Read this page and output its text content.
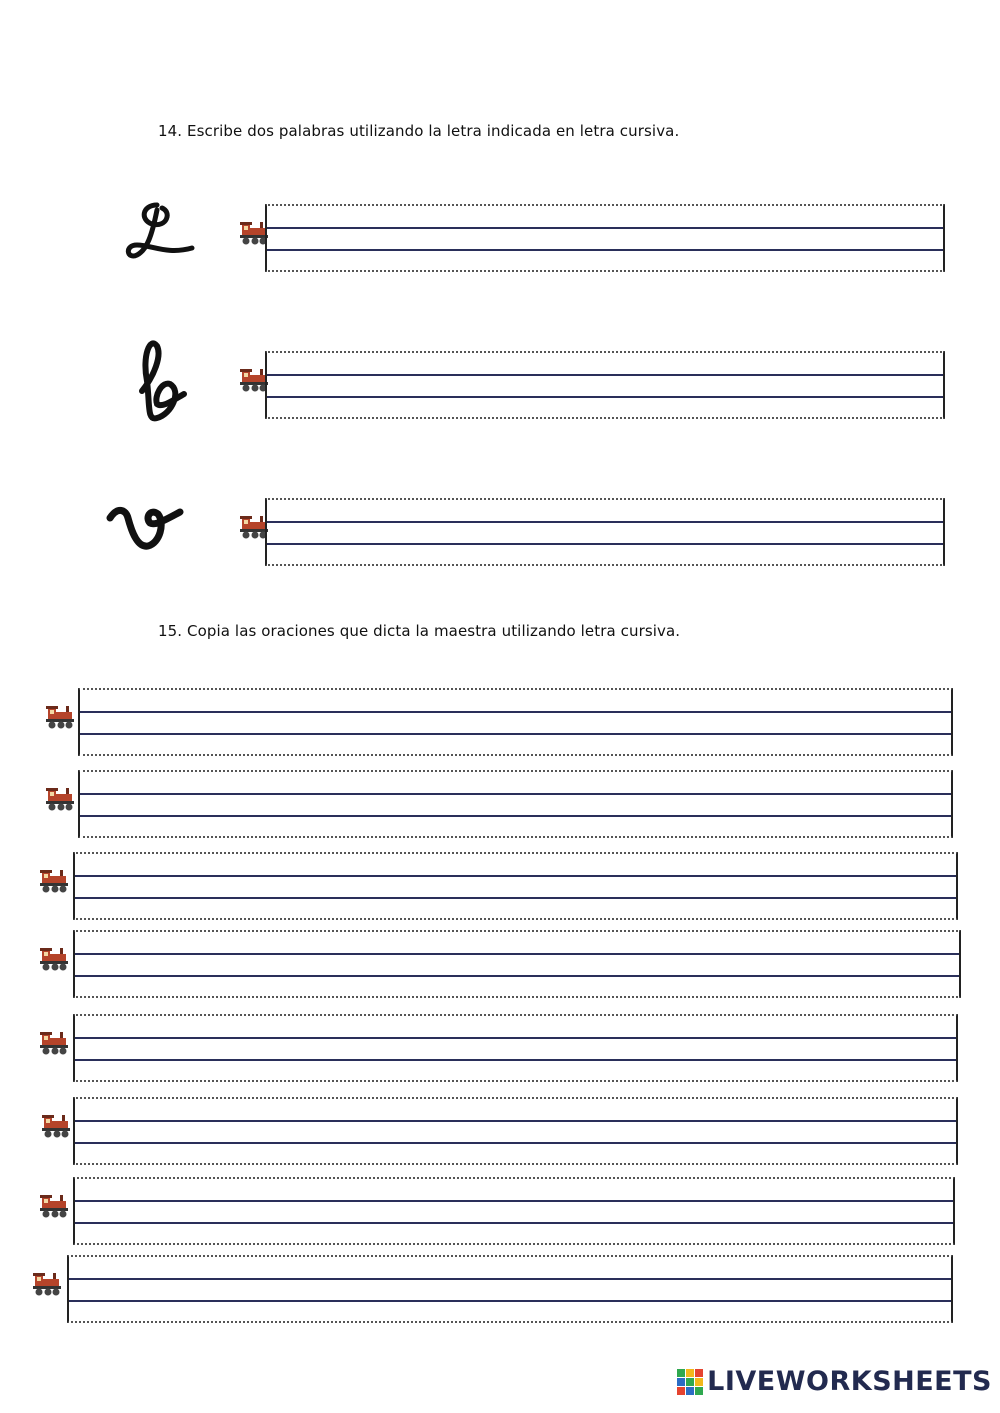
14. Escribe dos palabras utilizando la letra indicada en letra cursiva.
15. Copia las oraciones que dicta la maestra utilizando letra cursiva.
LIVEWORKSHEETS
